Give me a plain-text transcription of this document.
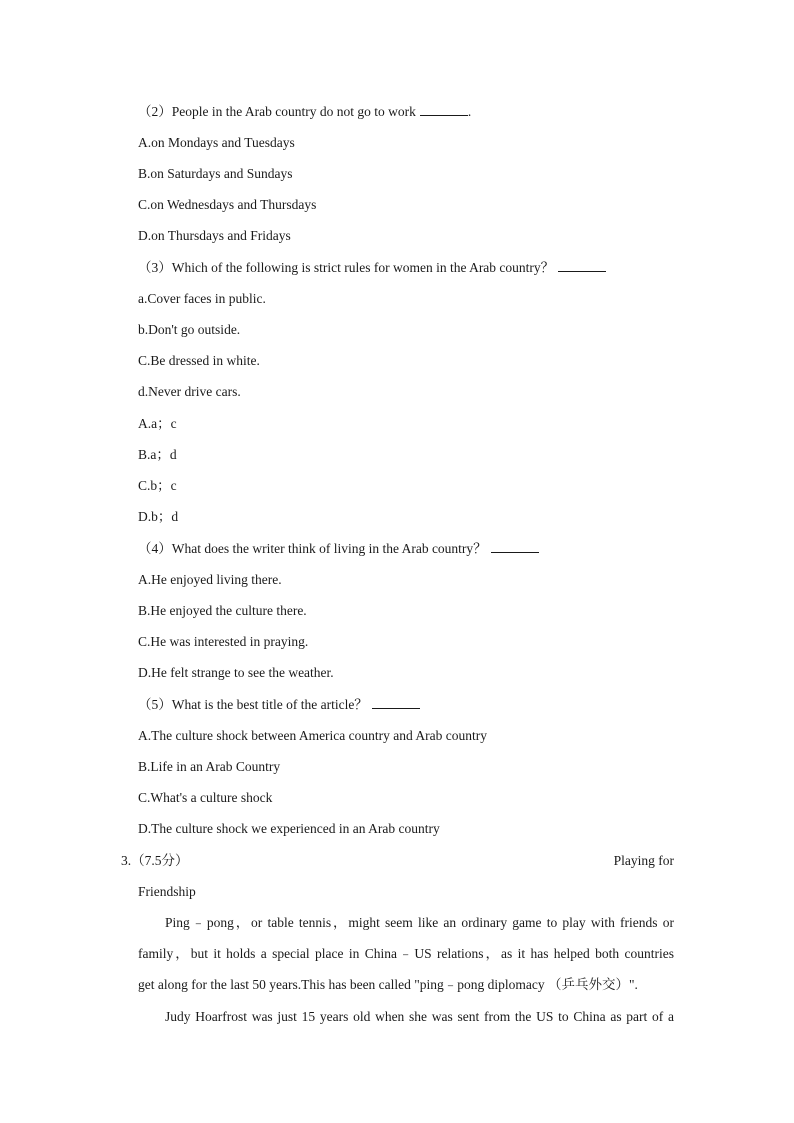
（2）People in the Arab country do not go to work	.
A.on Mondays and Tuesdays
B.on Saturdays and Sundays
C.on Wednesdays and Thursdays
D.on Thursdays and Fridays
（3）Which of the following is strict rules for women in the Arab country？
a.Cover faces in public.
b.Don't go outside.
C.Be dressed in white.
d.Never drive cars.
A.a；c
B.a；d
C.b；c
D.b；d
（4）What does the writer think of living in the Arab country？
A.He enjoyed living there.
B.He enjoyed the culture there.
C.He was interested in praying.
D.He felt strange to see the weather.
（5）What is the best title of the article？
A.The culture shock between America country and Arab country
B.Life in an Arab Country
C.What's a culture shock
D.The culture shock we experienced in an Arab country
3.（7.5分）	Playing for
Friendship
Ping﹣pong，or table tennis，might seem like an ordinary game to play with friends or
family，but it holds a special place in China﹣US relations，as it has helped both countries
get along for the last 50 years.This has been called "ping﹣pong diplomacy （乒乓外交）".
Judy Hoarfrost was just 15 years old when she was sent from the US to China as part of a
